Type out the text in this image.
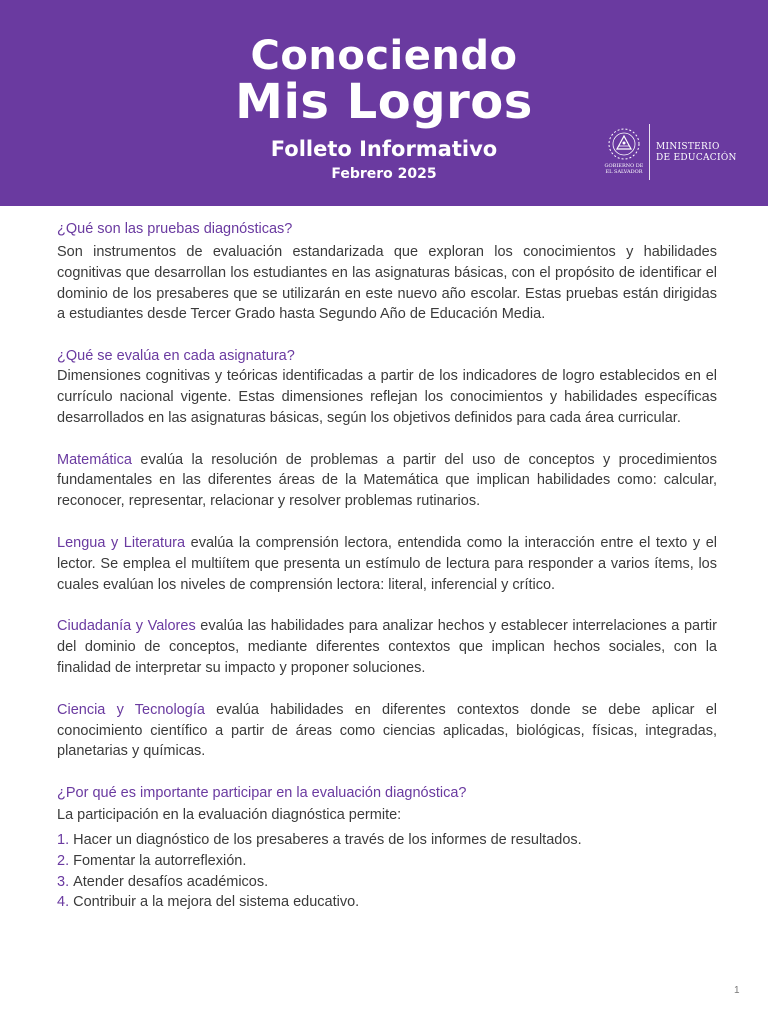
Conociendo
Mis Logros
Folleto Informativo
Febrero 2025	GOBIERNO DE EL SALVADOR
MINISTERIO
DE EDUCACIÓN

¿Qué son las pruebas diagnósticas?

Son instrumentos de evaluación estandarizada que exploran los conocimientos y habilidades cognitivas que desarrollan los estudiantes en las asignaturas básicas, con el propósito de identificar el dominio de los presaberes que se utilizarán en este nuevo año escolar. Estas pruebas están dirigidas a estudiantes desde Tercer Grado hasta Segundo Año de Educación Media.

¿Qué se evalúa en cada asignatura?

Dimensiones cognitivas y teóricas identificadas a partir de los indicadores de logro establecidos en el currículo nacional vigente. Estas dimensiones reflejan los conocimientos y habilidades específicas desarrollados en las asignaturas básicas, según los objetivos definidos para cada área curricular.

Matemática evalúa la resolución de problemas a partir del uso de conceptos y procedimientos fundamentales en las diferentes áreas de la Matemática que implican habilidades como: calcular, reconocer, representar, relacionar y resolver problemas rutinarios.

Lengua y Literatura evalúa la comprensión lectora, entendida como la interacción entre el texto y el lector. Se emplea el multiítem que presenta un estímulo de lectura para responder a varios ítems, los cuales evalúan los niveles de comprensión lectora: literal, inferencial y crítico.

Ciudadanía y Valores evalúa las habilidades para analizar hechos y establecer interrelaciones a partir del dominio de conceptos, mediante diferentes contextos que implican hechos sociales, con la finalidad de interpretar su impacto y proponer soluciones.

Ciencia y Tecnología evalúa habilidades en diferentes contextos donde se debe aplicar el conocimiento científico a partir de áreas como ciencias aplicadas, biológicas, físicas, integradas, planetarias y químicas.

¿Por qué es importante participar en la evaluación diagnóstica?

La participación en la evaluación diagnóstica permite:

1. Hacer un diagnóstico de los presaberes a través de los informes de resultados.
2. Fomentar la autorreflexión.
3. Atender desafíos académicos.
4. Contribuir a la mejora del sistema educativo.
1
